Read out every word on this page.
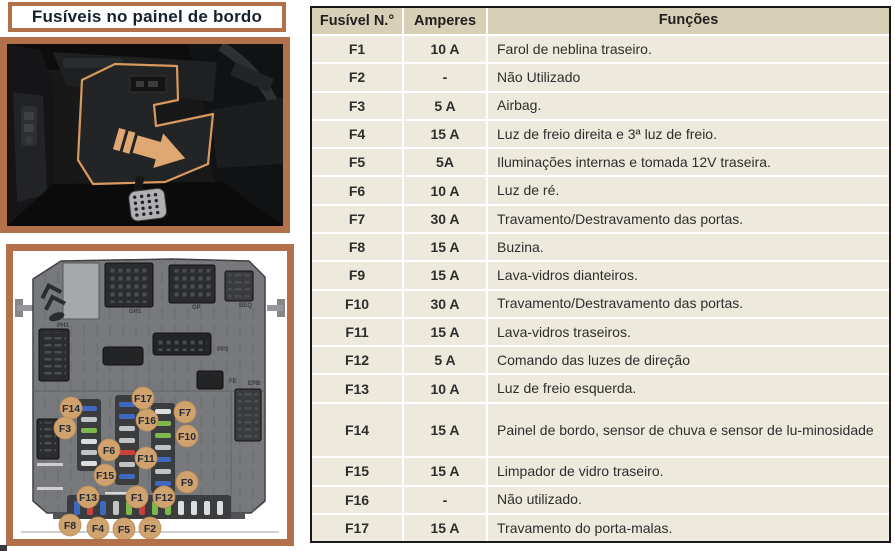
Fusíveis no painel de bordo
PH1
GH1
GP	BEQ
PP2
FE EPB
F14
F17
F16
F7
F3
F10
F6
F11
F15
F9
F13	F1 F12
F8 F4 F5 F2
Fusível N.°	Amperes	Funções
F1	10 A	Farol de neblina traseiro.
F2	-	Não Utilizado
F3	5 A	Airbag.
F4	15 A	Luz de freio direita e 3ª luz de freio.
F5	5A	Iluminações internas e tomada 12V traseira.
F6	10 A	Luz de ré.
F7	30 A	Travamento/Destravamento das portas.
F8	15 A	Buzina.
F9	15 A	Lava-vidros dianteiros.
F10	30 A	Travamento/Destravamento das portas.
F11	15 A	Lava-vidros traseiros.
F12	5 A	Comando das luzes de direção
F13	10 A	Luz de freio esquerda.
F14	15 A	Painel de bordo, sensor de chuva e sensor de lu-minosidade
F15	15 A	Limpador de vidro traseiro.
F16	-	Não utilizado.
F17	15 A	Travamento do porta-malas.
